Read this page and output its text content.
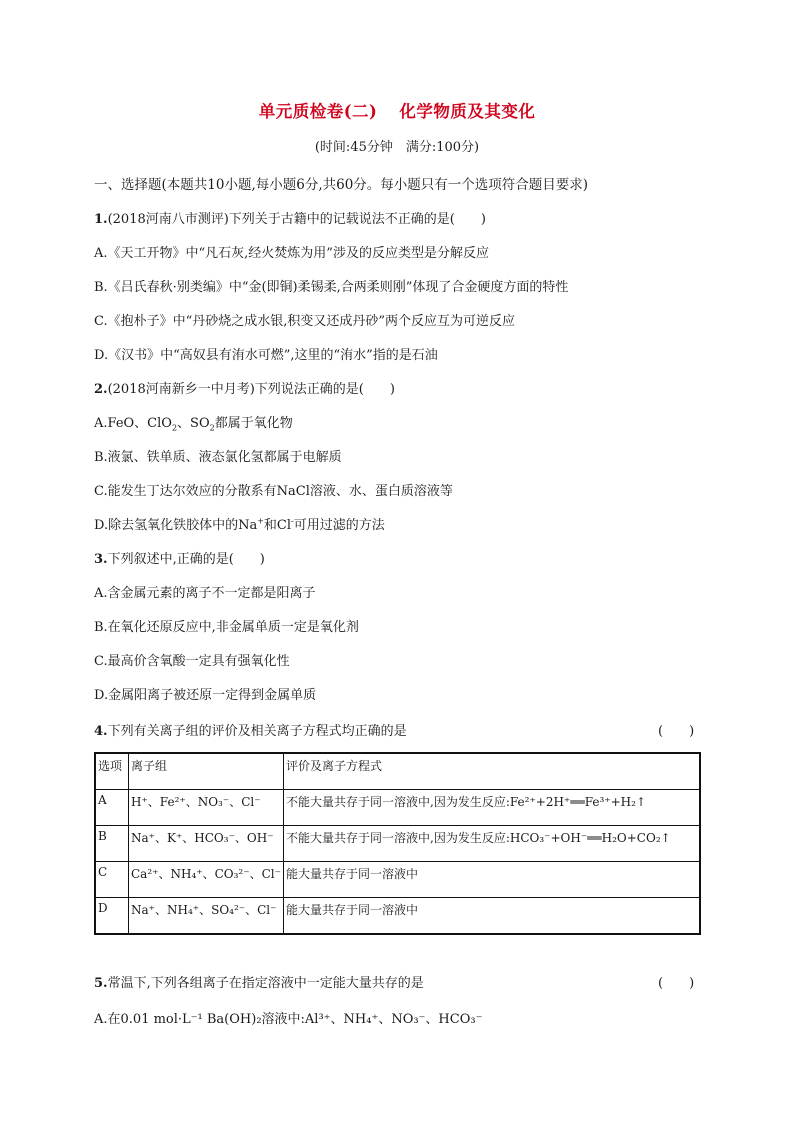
单元质检卷(二) 化学物质及其变化
(时间:45分钟　满分:100分)
一、选择题(本题共10小题,每小题6分,共60分。每小题只有一个选项符合题目要求)
1.(2018河南八市测评)下列关于古籍中的记载说法不正确的是(　　)
A.《天工开物》中“凡石灰,经火焚炼为用”涉及的反应类型是分解反应
B.《吕氏春秋·别类编》中“金(即铜)柔锡柔,合两柔则刚”体现了合金硬度方面的特性
C.《抱朴子》中“丹砂烧之成水银,积变又还成丹砂”两个反应互为可逆反应
D.《汉书》中“高奴县有洧水可燃”,这里的“洧水”指的是石油
2.(2018河南新乡一中月考)下列说法正确的是(　　)
A.FeO、ClO$_2$、$SO_2$都属于氧化物
B.液氯、铁单质、液态氯化氢都属于电解质
C.能发生丁达尔效应的分散系有NaCl溶液、水、蛋白质溶液等
D.除去氢氧化铁胶体中的Na+和Cl-可用过滤的方法
3.下列叙述中,正确的是(　　)
A.含金属元素的离子不一定都是阳离子
B.在氧化还原反应中,非金属单质一定是氧化剂
C.最高价含氧酸一定具有强氧化性
D.金属阳离子被还原一定得到金属单质
4.下列有关离子组的评价及相关离子方程式均正确的是	(　　)
选项	离子组	评价及离子方程式
A	H⁺、Fe²⁺、NO₃⁻、Cl⁻	不能大量共存于同一溶液中,因为发生反应:Fe²⁺+2H⁺══Fe³⁺+H₂↑
B	Na⁺、K⁺、HCO₃⁻、OH⁻	不能大量共存于同一溶液中,因为发生反应:HCO₃⁻+OH⁻══H₂O+CO₂↑
C	Ca²⁺、NH₄⁺、CO₃²⁻、Cl⁻	能大量共存于同一溶液中
D	Na⁺、NH₄⁺、SO₄²⁻、Cl⁻	能大量共存于同一溶液中
5.常温下,下列各组离子在指定溶液中一定能大量共存的是	(　　)
A.在0.01 mol·L⁻¹ Ba(OH)₂溶液中:Al³⁺、NH₄⁺、NO₃⁻、HCO₃⁻
